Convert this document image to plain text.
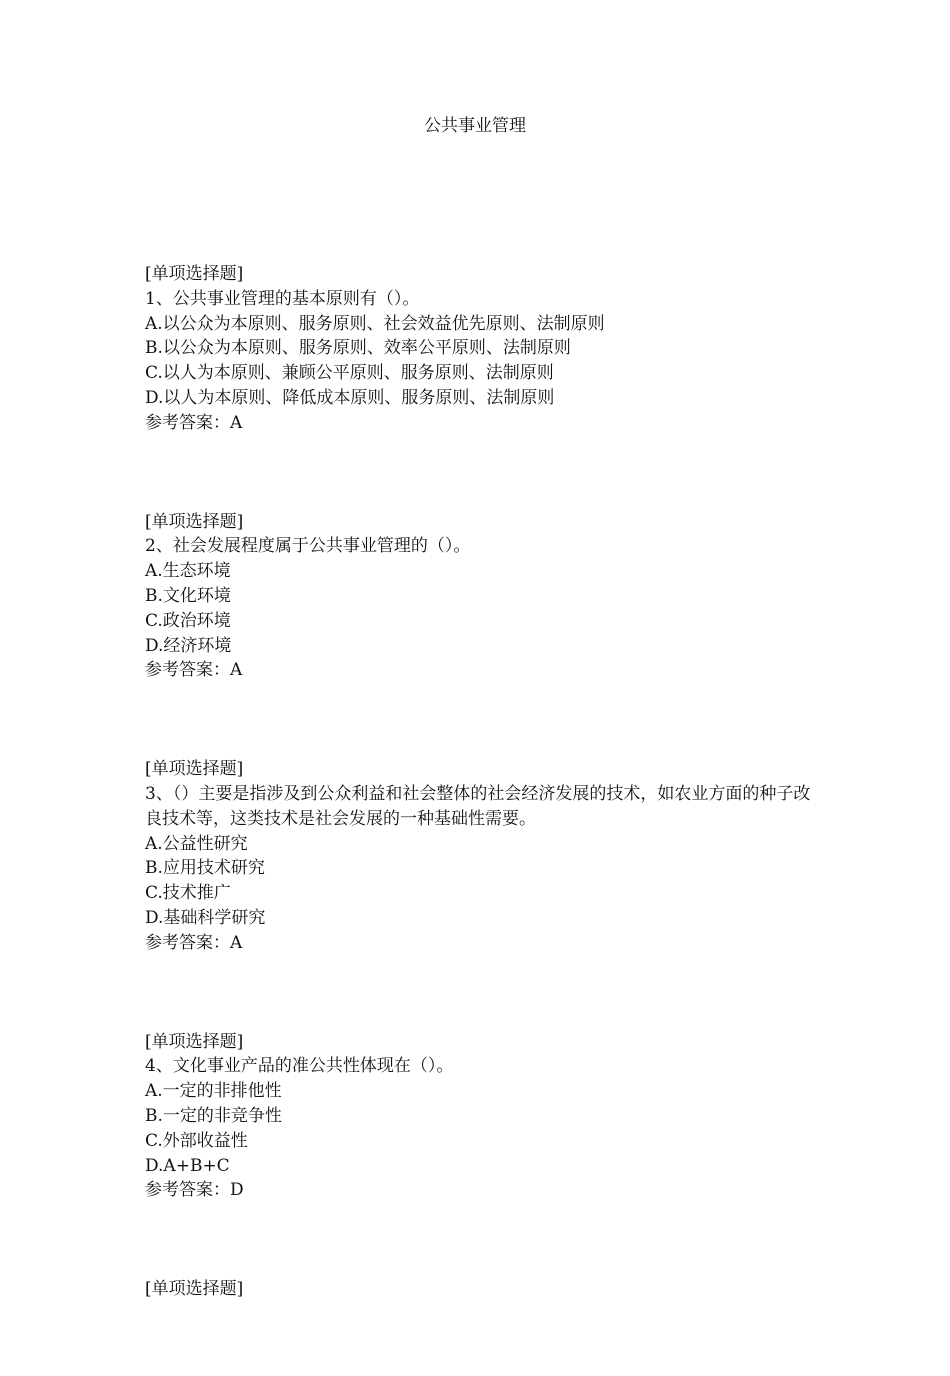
公共事业管理

[单项选择题]

1、公共事业管理的基本原则有（）。

A.以公众为本原则、服务原则、社会效益优先原则、法制原则

B.以公众为本原则、服务原则、效率公平原则、法制原则

C.以人为本原则、兼顾公平原则、服务原则、法制原则

D.以人为本原则、降低成本原则、服务原则、法制原则

参考答案：A

[单项选择题]

2、社会发展程度属于公共事业管理的（）。

A.生态环境

B.文化环境

C.政治环境

D.经济环境

参考答案：A

[单项选择题]

3、（）主要是指涉及到公众利益和社会整体的社会经济发展的技术，如农业方面的种子改良技术等，这类技术是社会发展的一种基础性需要。

A.公益性研究

B.应用技术研究

C.技术推广

D.基础科学研究

参考答案：A

[单项选择题]

4、文化事业产品的准公共性体现在（）。

A.一定的非排他性

B.一定的非竞争性

C.外部收益性

D.A+B+C

参考答案：D

[单项选择题]
